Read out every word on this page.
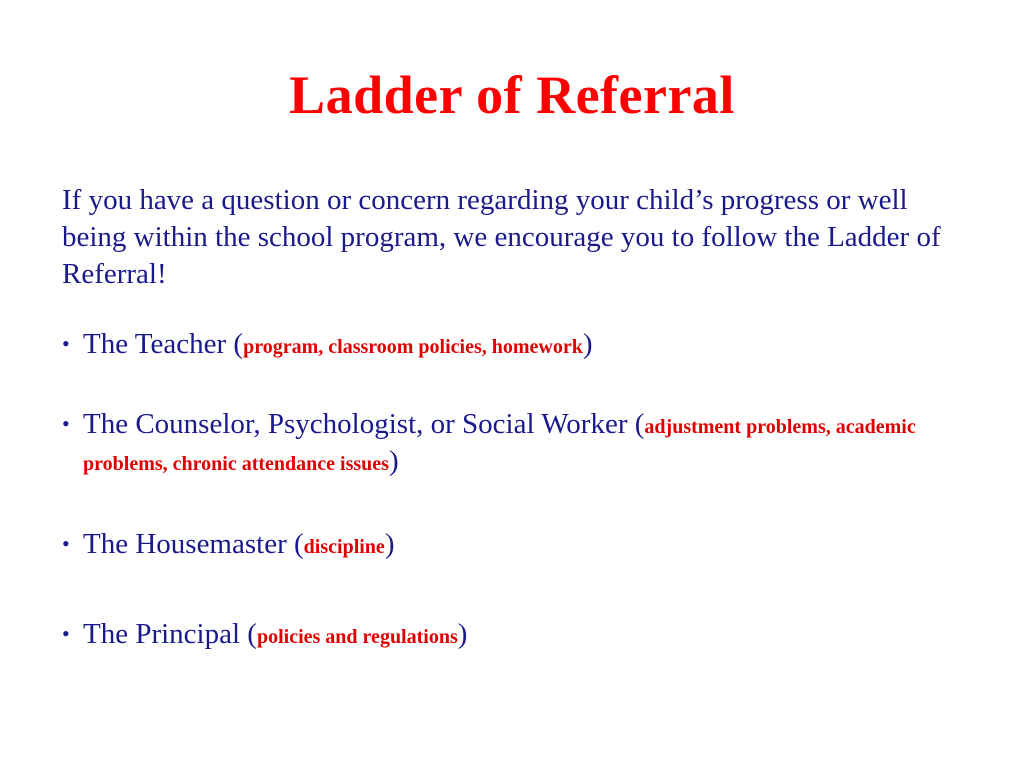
Ladder of Referral
If you have a question or concern regarding your child’s progress or well being within the school program, we encourage you to follow the Ladder of Referral!
• The Teacher (program, classroom policies, homework)
• The Counselor, Psychologist, or Social Worker (adjustment problems, academic problems, chronic attendance issues)
• The Housemaster (discipline)
• The Principal (policies and regulations)
